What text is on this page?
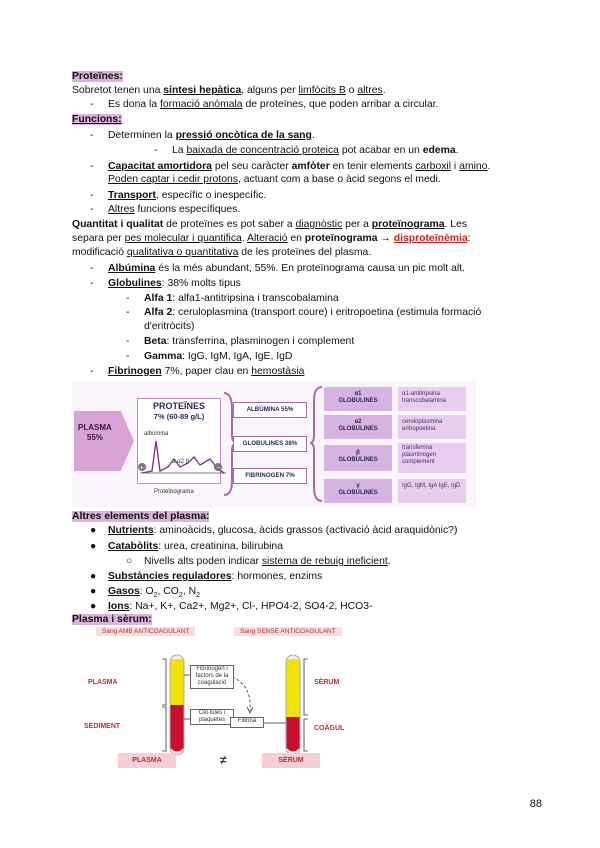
Proteïnes:
Sobretot tenen una síntesi hepàtica, alguns per limfòcits B o altres.
- Es dona la formació anòmala de proteïnes, que poden arribar a circular.
Funcions:
- Determinen la pressió oncòtica de la sang.
- La baixada de concentració proteica pot acabar en un edema.
- Capacitat amortidora pel seu caràcter amfòter en tenir elements carboxil i amino.
Poden captar i cedir protons, actuant com a base o àcid segons el medi.
- Transport, específic o inespecífic.
- Altres funcions específiques.
Quantitat i qualitat de proteïnes es pot saber a diagnòstic per a proteïnograma. Les
separa per pes molecular i quantifica. Alteració en proteïnograma → disproteïnèmia:
modificació qualitativa o quantitativa de les proteïnes del plasma.
- Albúmina és la més abundant, 55%. En proteïnograma causa un pic molt alt.
- Globulines: 38% molts tipus
- Alfa 1: alfa1-antitripsina i transcobalamina
- Alfa 2: ceruloplasmina (transport coure) i eritropoetina (estimula formació
d'eritròcits)
- Beta: transferrina, plasminogen i complement
- Gamma: IgG, IgM, IgA, IgE, IgD
- Fibrinogen 7%, paper clau en hemostàsia
PLASMA
55%
PROTEÏNES
7% (60-89 g/L)
+	−
albúmina
α α2 β
Proteïnograma
ALBÚMINA 55%
GLOBULINES 38%
FIBRINOGEN 7%
α1
GLOBULINES
α1-antitripsina transcobalamina
α2
GLOBULINES
ceruloplasmina eritropoetina
β
GLOBULINES
transferrina plasminogen complement
γ
GLOBULINES
IgG, IgM, IgA IgE, IgD
Altres elements del plasma:
● Nutrients: aminoàcids, glucosa, àcids grassos (activació àcid araquidònic?)
● Catabòlits: urea, creatinina, bilirubina
○ Nivells alts poden indicar sistema de rebuig ineficient.
● Substàncies reguladores: hormones, enzims
● Gasos: $O_2$, $CO_2$, $N_2$
● Ions: Na+, K+, Ca2+, Mg2+, Cl-, HPO4-2, SO4-2, HCO3-
Plasma i sèrum:
Sang AMB ANTICOAGULANT	Sang SENSE ANTICOAGULANT
PLASMA
SEDIMENT
SÈRUM
COÀGUL
Fibrinogen i factors de la coagulació
Cèl·lules i plaquetes	Fibrina
PLASMA	≠	SÈRUM
88
